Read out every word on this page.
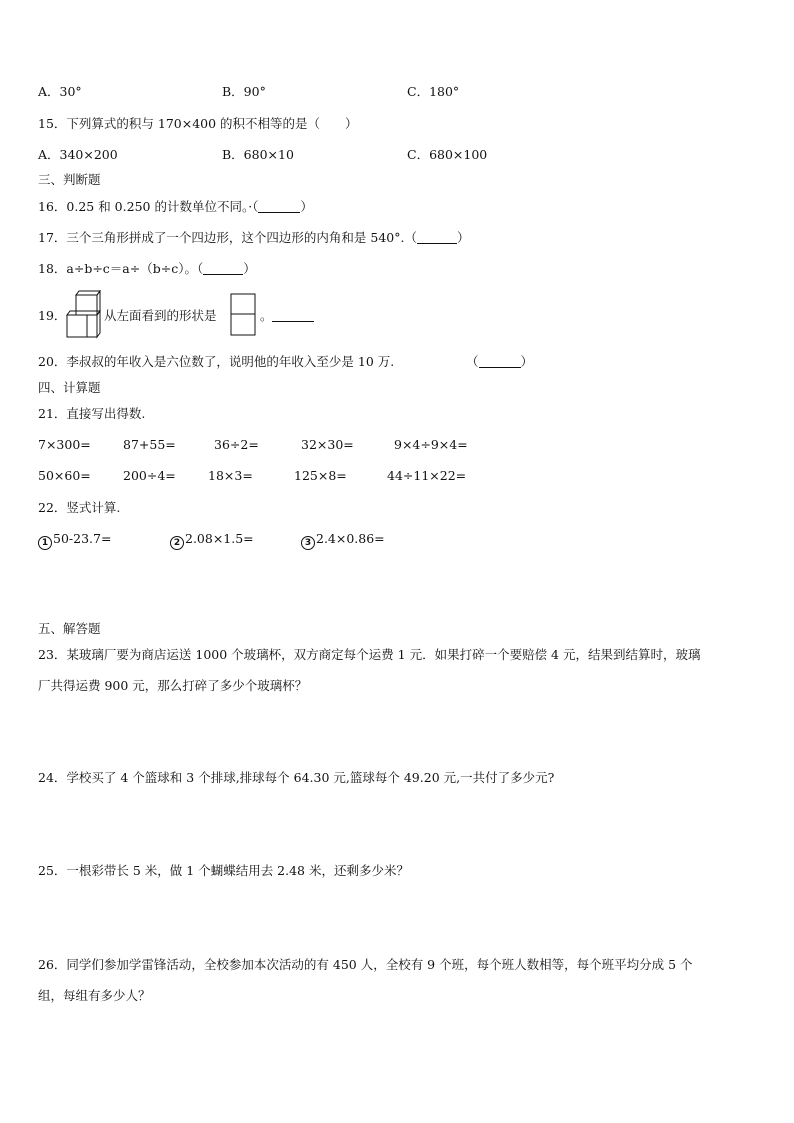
A．30°	B．90°	C．180°
15．下列算式的积与 170×400 的积不相等的是（　　）
A．340×200	B．680×10	C．680×100
三、判断题
16．0.25 和 0.250 的计数单位不同。·（	）
17．三个三角形拼成了一个四边形，这个四边形的内角和是 540°.（	）
18．a÷b÷c＝a÷（b÷c）。（	）
19．	从左面看到的形状是	。
20．李叔叔的年收入是六位数了，说明他的年收入至少是 10 万.	（	）
四、计算题
21．直接写出得数.
7×300=	87+55=	36÷2=	32×30=	9×4÷9×4=
50×60=	200÷4=	18×3=	125×8=	44÷11×22=
22．竖式计算.
1 50-23.7=	2 2.08×1.5=	3 2.4×0.86=
五、解答题
23．某玻璃厂要为商店运送 1000 个玻璃杯，双方商定每个运费 1 元．如果打碎一个要赔偿 4 元，结果到结算时，玻璃
厂共得运费 900 元，那么打碎了多少个玻璃杯？
24．学校买了 4 个篮球和 3 个排球,排球每个 64.30 元,篮球每个 49.20 元,一共付了多少元?
25．一根彩带长 5 米，做 1 个蝴蝶结用去 2.48 米，还剩多少米？
26．同学们参加学雷锋活动，全校参加本次活动的有 450 人，全校有 9 个班，每个班人数相等，每个班平均分成 5 个
组，每组有多少人？
